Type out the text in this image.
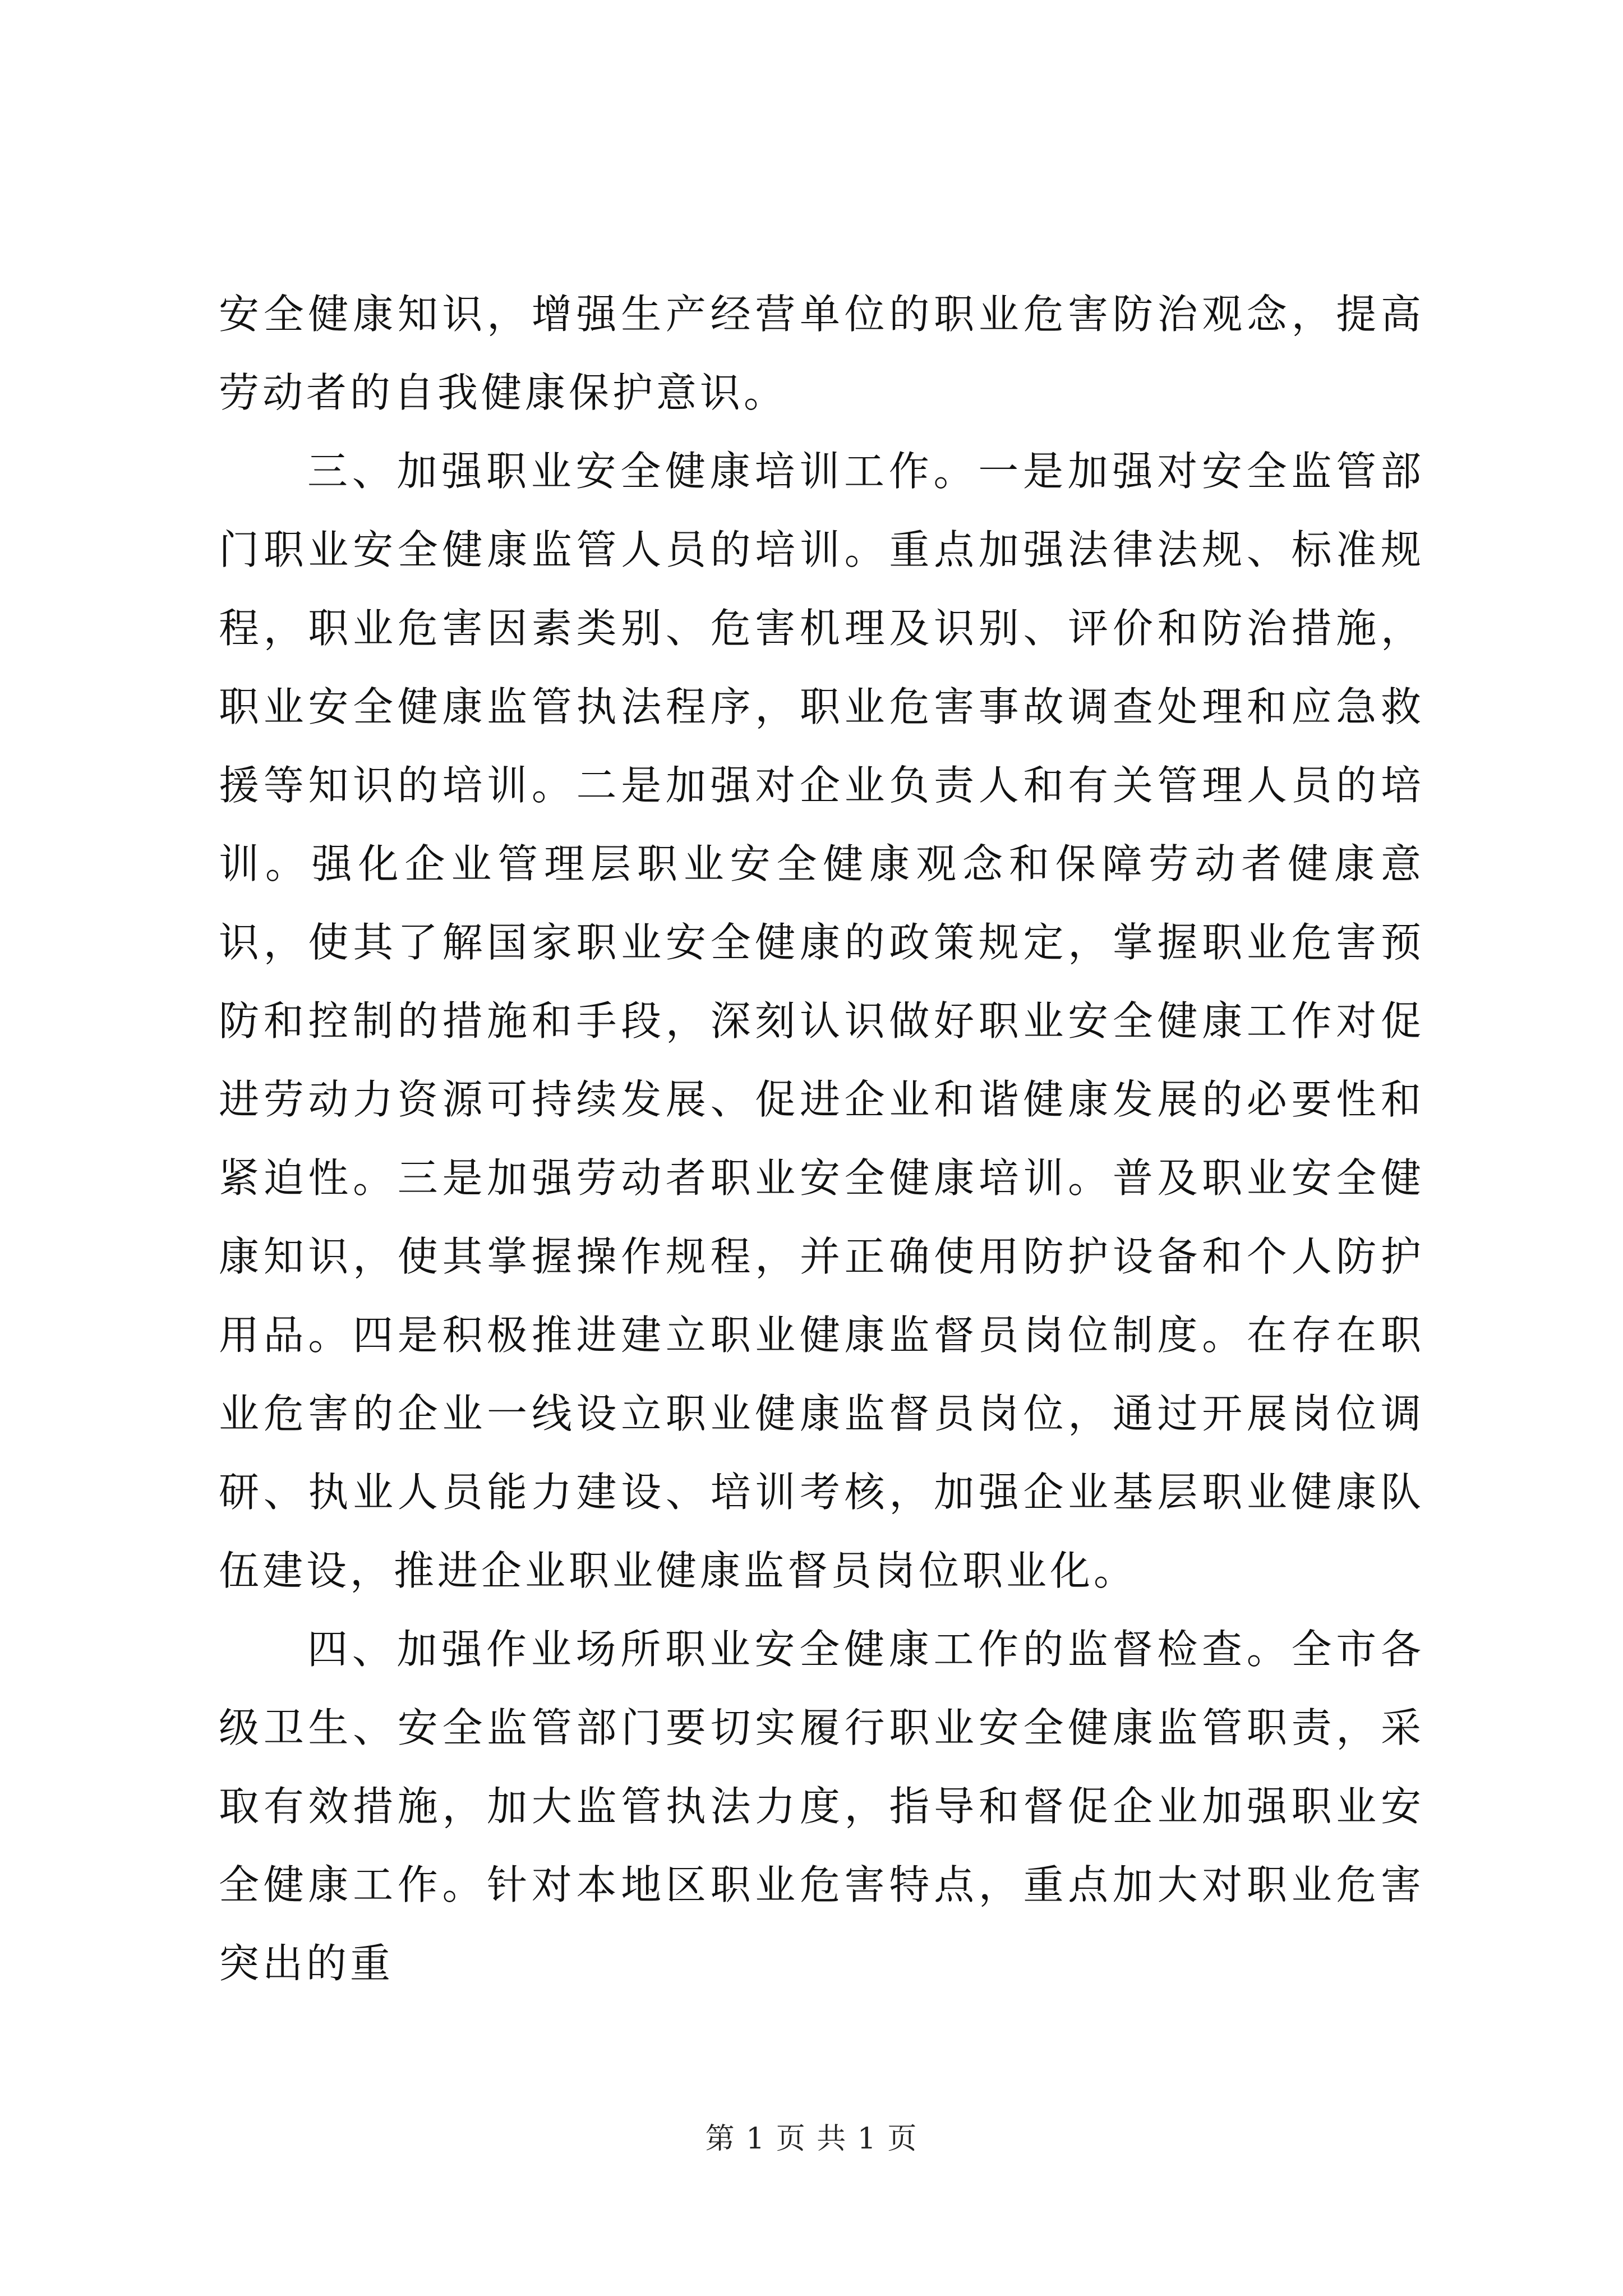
安全健康知识，增强生产经营单位的职业危害防治观念，提高劳动者的自我健康保护意识。

三、加强职业安全健康培训工作。一是加强对安全监管部门职业安全健康监管人员的培训。重点加强法律法规、标准规程，职业危害因素类别、危害机理及识别、评价和防治措施，职业安全健康监管执法程序，职业危害事故调查处理和应急救援等知识的培训。二是加强对企业负责人和有关管理人员的培训。强化企业管理层职业安全健康观念和保障劳动者健康意识，使其了解国家职业安全健康的政策规定，掌握职业危害预防和控制的措施和手段，深刻认识做好职业安全健康工作对促进劳动力资源可持续发展、促进企业和谐健康发展的必要性和紧迫性。三是加强劳动者职业安全健康培训。普及职业安全健康知识，使其掌握操作规程，并正确使用防护设备和个人防护用品。四是积极推进建立职业健康监督员岗位制度。在存在职业危害的企业一线设立职业健康监督员岗位，通过开展岗位调研、执业人员能力建设、培训考核，加强企业基层职业健康队伍建设，推进企业职业健康监督员岗位职业化。

四、加强作业场所职业安全健康工作的监督检查。全市各级卫生、安全监管部门要切实履行职业安全健康监管职责，采取有效措施，加大监管执法力度，指导和督促企业加强职业安全健康工作。针对本地区职业危害特点，重点加大对职业危害突出的重

第 1 页 共 1 页
